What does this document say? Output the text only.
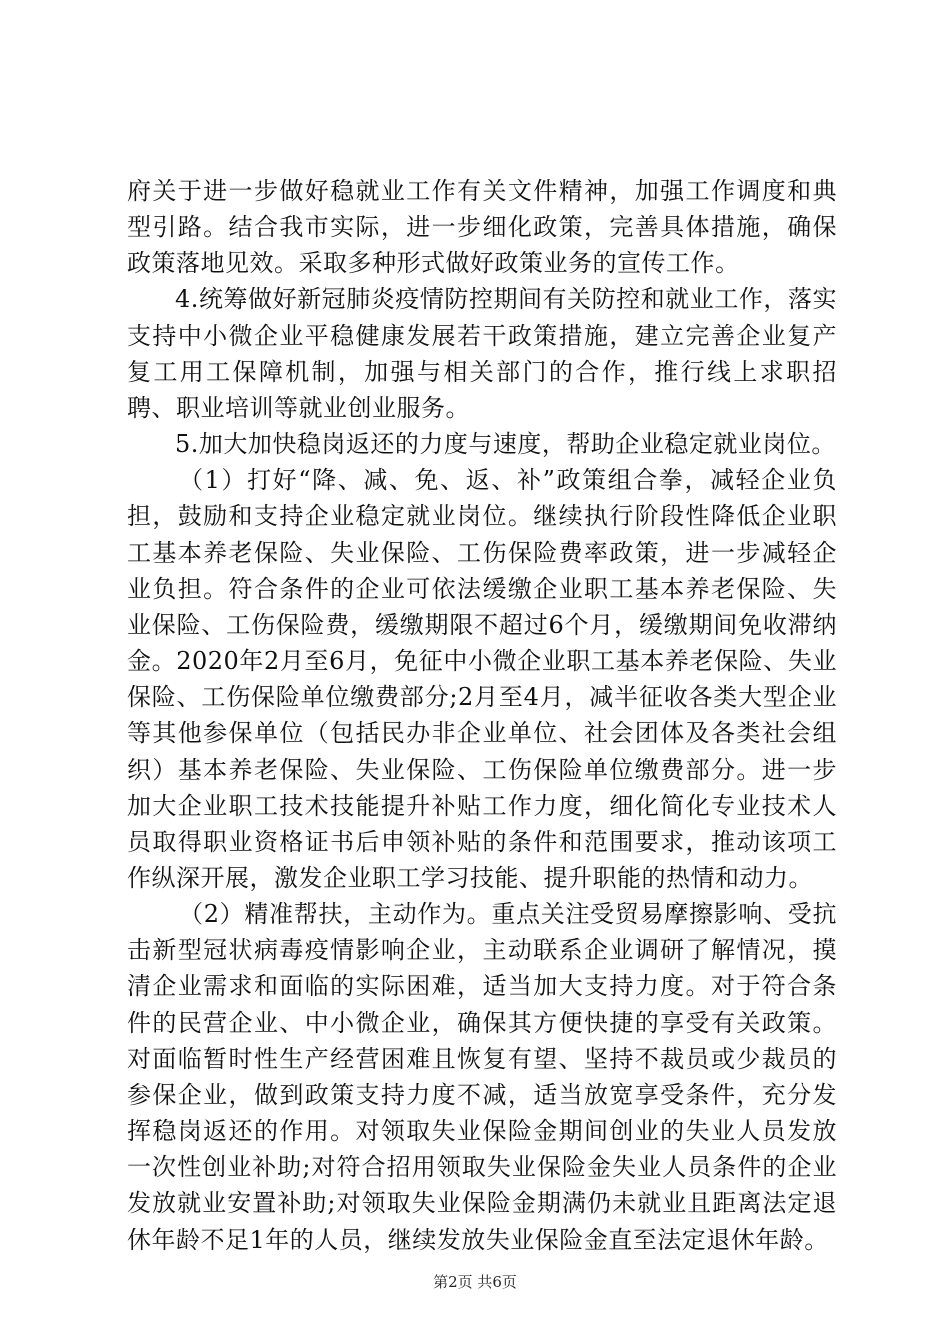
府关于进一步做好稳就业工作有关文件精神，加强工作调度和典型引路。结合我市实际，进一步细化政策，完善具体措施，确保政策落地见效。采取多种形式做好政策业务的宣传工作。

4.统筹做好新冠肺炎疫情防控期间有关防控和就业工作，落实支持中小微企业平稳健康发展若干政策措施，建立完善企业复产复工用工保障机制，加强与相关部门的合作，推行线上求职招聘、职业培训等就业创业服务。

5.加大加快稳岗返还的力度与速度，帮助企业稳定就业岗位。

（1）打好“降、减、免、返、补”政策组合拳，减轻企业负担，鼓励和支持企业稳定就业岗位。继续执行阶段性降低企业职工基本养老保险、失业保险、工伤保险费率政策，进一步减轻企业负担。符合条件的企业可依法缓缴企业职工基本养老保险、失业保险、工伤保险费，缓缴期限不超过6个月，缓缴期间免收滞纳金。2020年2月至6月，免征中小微企业职工基本养老保险、失业保险、工伤保险单位缴费部分;2月至4月，减半征收各类大型企业等其他参保单位（包括民办非企业单位、社会团体及各类社会组织）基本养老保险、失业保险、工伤保险单位缴费部分。进一步加大企业职工技术技能提升补贴工作力度，细化简化专业技术人员取得职业资格证书后申领补贴的条件和范围要求，推动该项工作纵深开展，激发企业职工学习技能、提升职能的热情和动力。

（2）精准帮扶，主动作为。重点关注受贸易摩擦影响、受抗击新型冠状病毒疫情影响企业，主动联系企业调研了解情况，摸清企业需求和面临的实际困难，适当加大支持力度。对于符合条件的民营企业、中小微企业，确保其方便快捷的享受有关政策。对面临暂时性生产经营困难且恢复有望、坚持不裁员或少裁员的参保企业，做到政策支持力度不减，适当放宽享受条件，充分发挥稳岗返还的作用。对领取失业保险金期间创业的失业人员发放一次性创业补助;对符合招用领取失业保险金失业人员条件的企业发放就业安置补助;对领取失业保险金期满仍未就业且距离法定退休年龄不足1年的人员，继续发放失业保险金直至法定退休年龄。

第2页 共6页
